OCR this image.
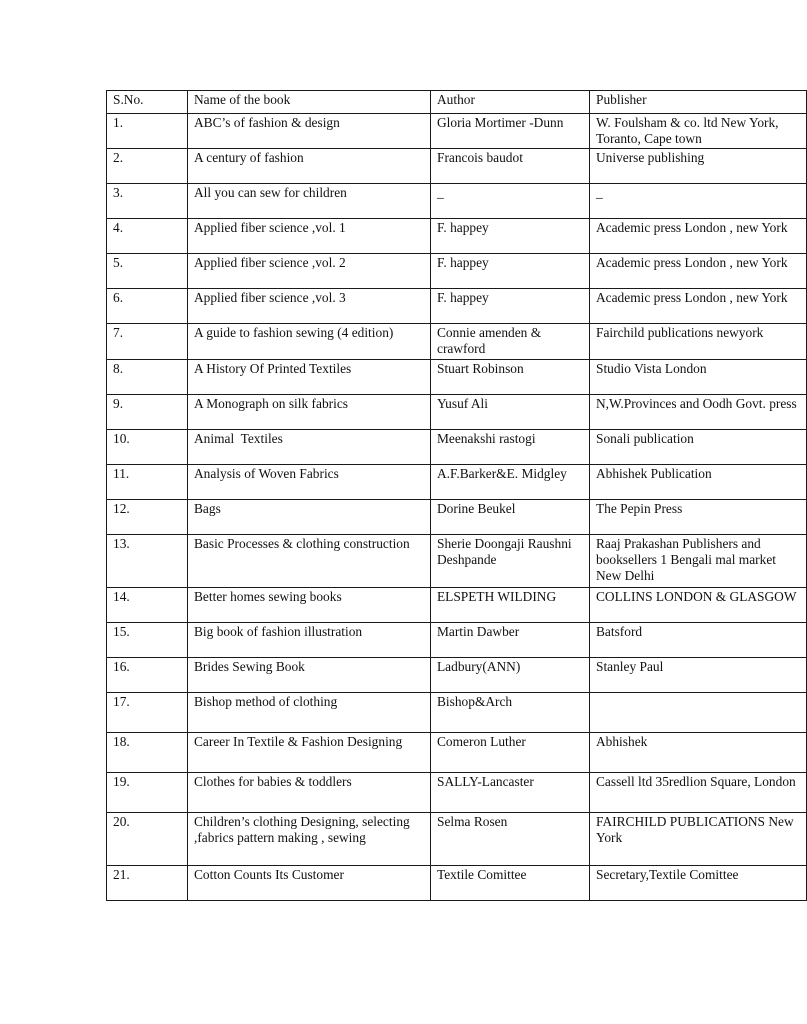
S.No.	Name of the book	Author	Publisher
1.	ABC’s of fashion & design	Gloria Mortimer -Dunn	W. Foulsham & co. ltd New York, Toranto, Cape town
2.	A century of fashion	Francois baudot	Universe publishing
3.	All you can sew for children	_	_
4.	Applied fiber science ,vol. 1	F. happey	Academic press London , new York
5.	Applied fiber science ,vol. 2	F. happey	Academic press London , new York
6.	Applied fiber science ,vol. 3	F. happey	Academic press London , new York
7.	A guide to fashion sewing (4 edition)	Connie amenden & crawford	Fairchild publications newyork
8.	A History Of Printed Textiles	Stuart Robinson	Studio Vista London
9.	A Monograph on silk fabrics	Yusuf Ali	N,W.Provinces and Oodh Govt. press
10.	Animal  Textiles	Meenakshi rastogi	Sonali publication
11.	Analysis of Woven Fabrics	A.F.Barker&E. Midgley	Abhishek Publication
12.	Bags	Dorine Beukel	The Pepin Press
13.	Basic Processes & clothing construction	Sherie Doongaji Raushni Deshpande	Raaj Prakashan Publishers and booksellers 1 Bengali mal market New Delhi
14.	Better homes sewing books	ELSPETH WILDING	COLLINS LONDON & GLASGOW
15.	Big book of fashion illustration	Martin Dawber	Batsford
16.	Brides Sewing Book	Ladbury(ANN)	Stanley Paul
17.	Bishop method of clothing	Bishop&Arch	
18.	Career In Textile & Fashion Designing	Comeron Luther	Abhishek
19.	Clothes for babies & toddlers	SALLY-Lancaster	Cassell ltd 35redlion Square, London
20.	Children’s clothing Designing, selecting ,fabrics pattern making , sewing	Selma Rosen	FAIRCHILD PUBLICATIONS New York
21.	Cotton Counts Its Customer	Textile Comittee	Secretary,Textile Comittee
